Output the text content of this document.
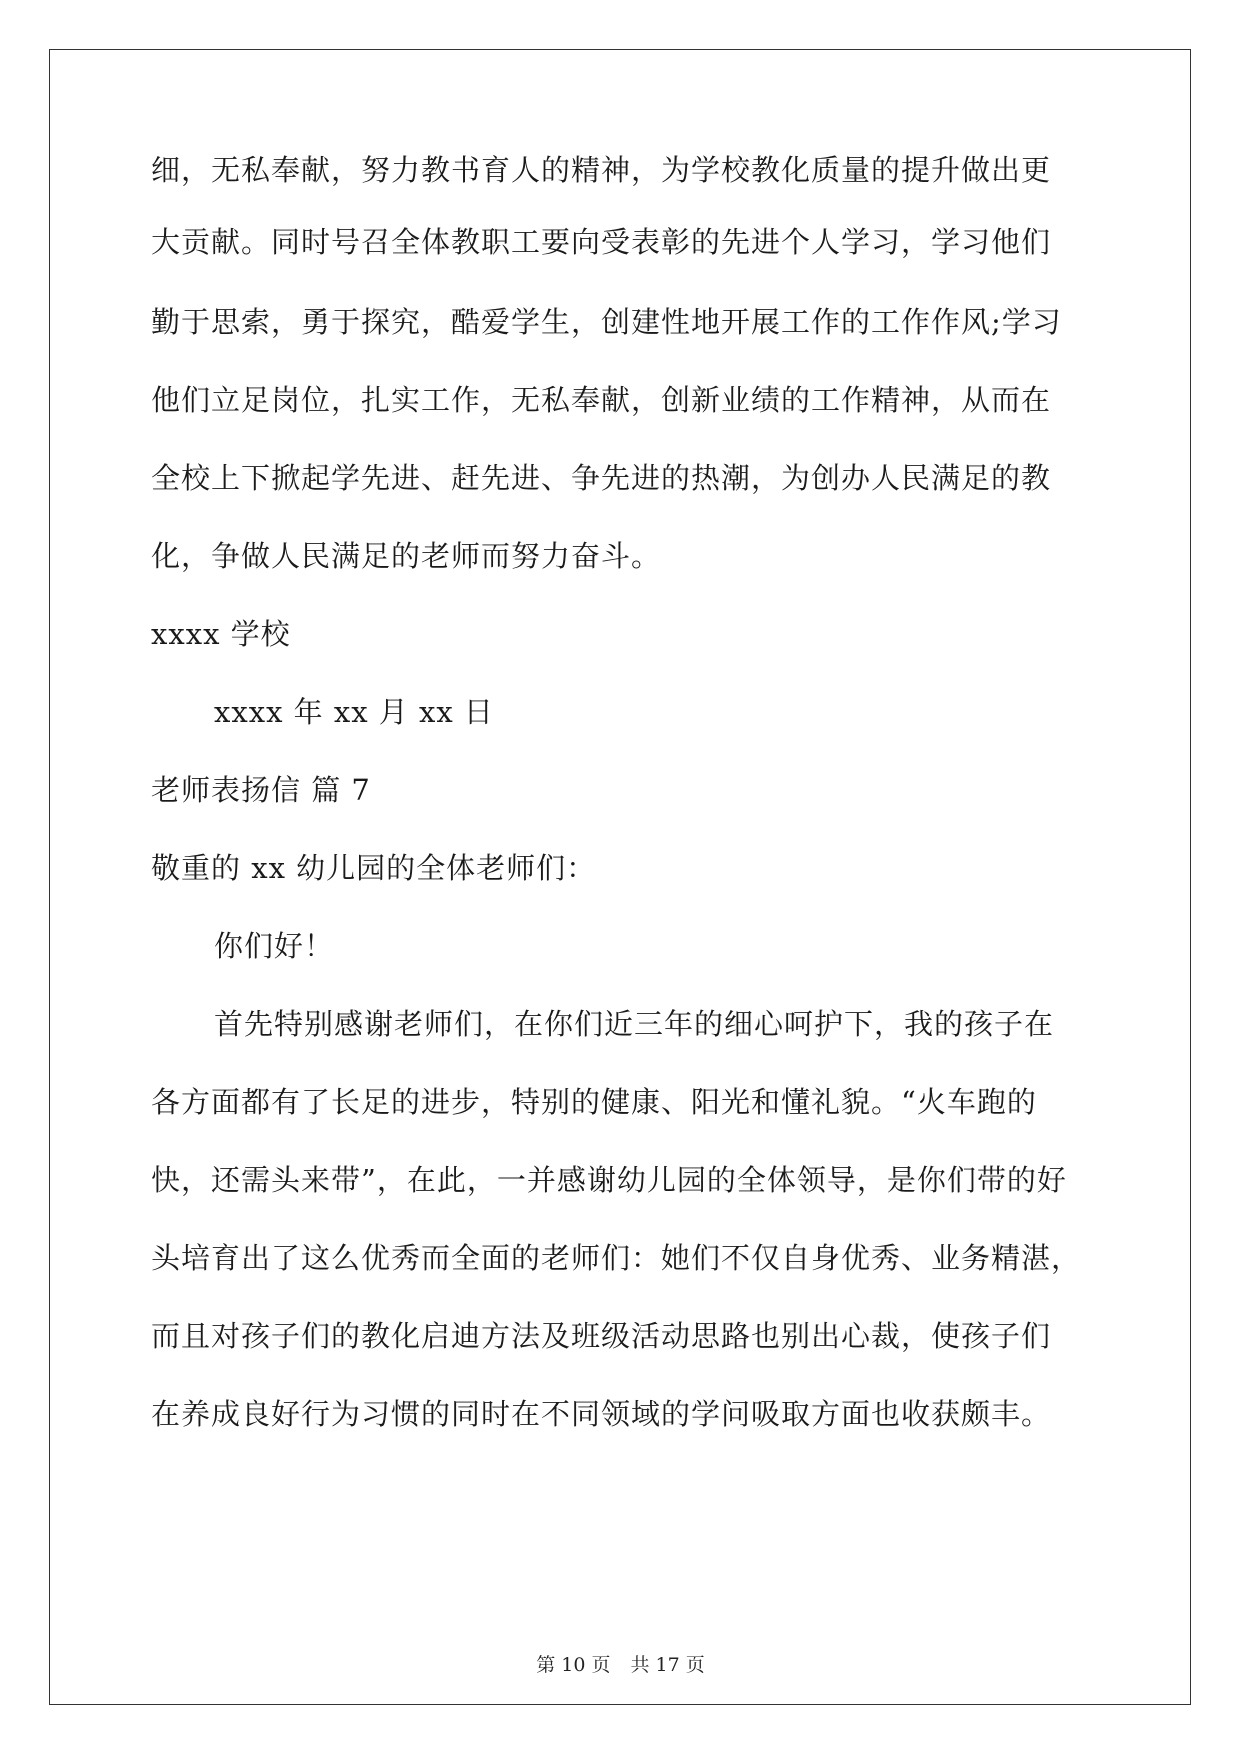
细，无私奉献，努力教书育人的精神，为学校教化质量的提升做出更
大贡献。同时号召全体教职工要向受表彰的先进个人学习，学习他们
勤于思索，勇于探究，酷爱学生，创建性地开展工作的工作作风;学习
他们立足岗位，扎实工作，无私奉献，创新业绩的工作精神，从而在
全校上下掀起学先进、赶先进、争先进的热潮，为创办人民满足的教
化，争做人民满足的老师而努力奋斗。
xxxx 学校
xxxx 年 xx 月 xx 日
老师表扬信 篇 7
敬重的 xx 幼儿园的全体老师们：
你们好！
首先特别感谢老师们，在你们近三年的细心呵护下，我的孩子在
各方面都有了长足的进步，特别的健康、阳光和懂礼貌。“火车跑的
快，还需头来带”，在此，一并感谢幼儿园的全体领导，是你们带的好
头培育出了这么优秀而全面的老师们：她们不仅自身优秀、业务精湛，
而且对孩子们的教化启迪方法及班级活动思路也别出心裁，使孩子们
在养成良好行为习惯的同时在不同领域的学问吸取方面也收获颇丰。
第 10 页 共 17 页
